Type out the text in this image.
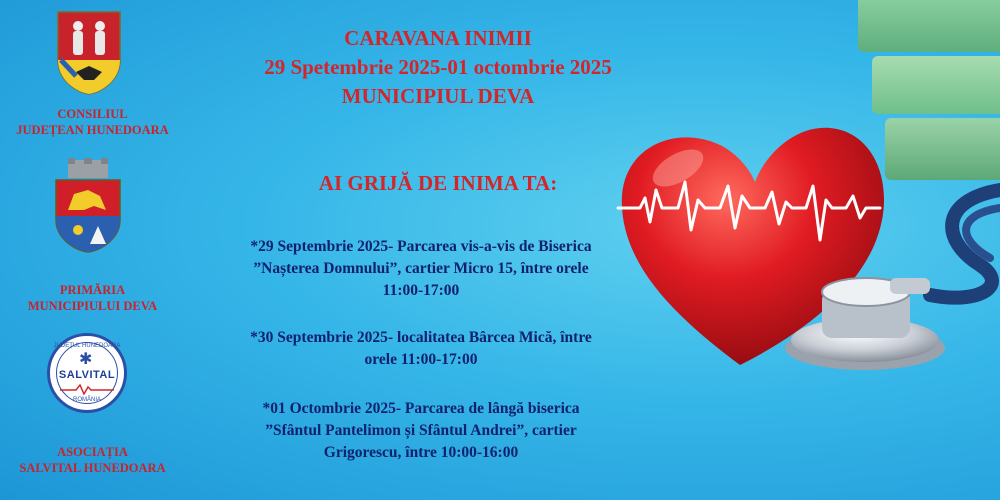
JUDEȚUL HUNEDOARA
✱
SALVITAL
ROMÂNIA
CONSILIUL
JUDEȚEAN HUNEDOARA
PRIMĂRIA
MUNICIPIULUI DEVA
ASOCIAȚIA
SALVITAL HUNEDOARA
CARAVANA INIMII
29 Spetembrie 2025-01 octombrie 2025
MUNICIPIUL DEVA
AI GRIJĂ DE INIMA TA:
*29 Septembrie 2025- Parcarea vis-a-vis de Biserica
”Nașterea Domnului”, cartier Micro 15, între orele
11:00-17:00
*30 Septembrie 2025- localitatea Bârcea Mică, între
orele 11:00-17:00
*01 Octombrie 2025- Parcarea de lângă biserica
”Sfântul Pantelimon și Sfântul Andrei”, cartier
Grigorescu, între 10:00-16:00
